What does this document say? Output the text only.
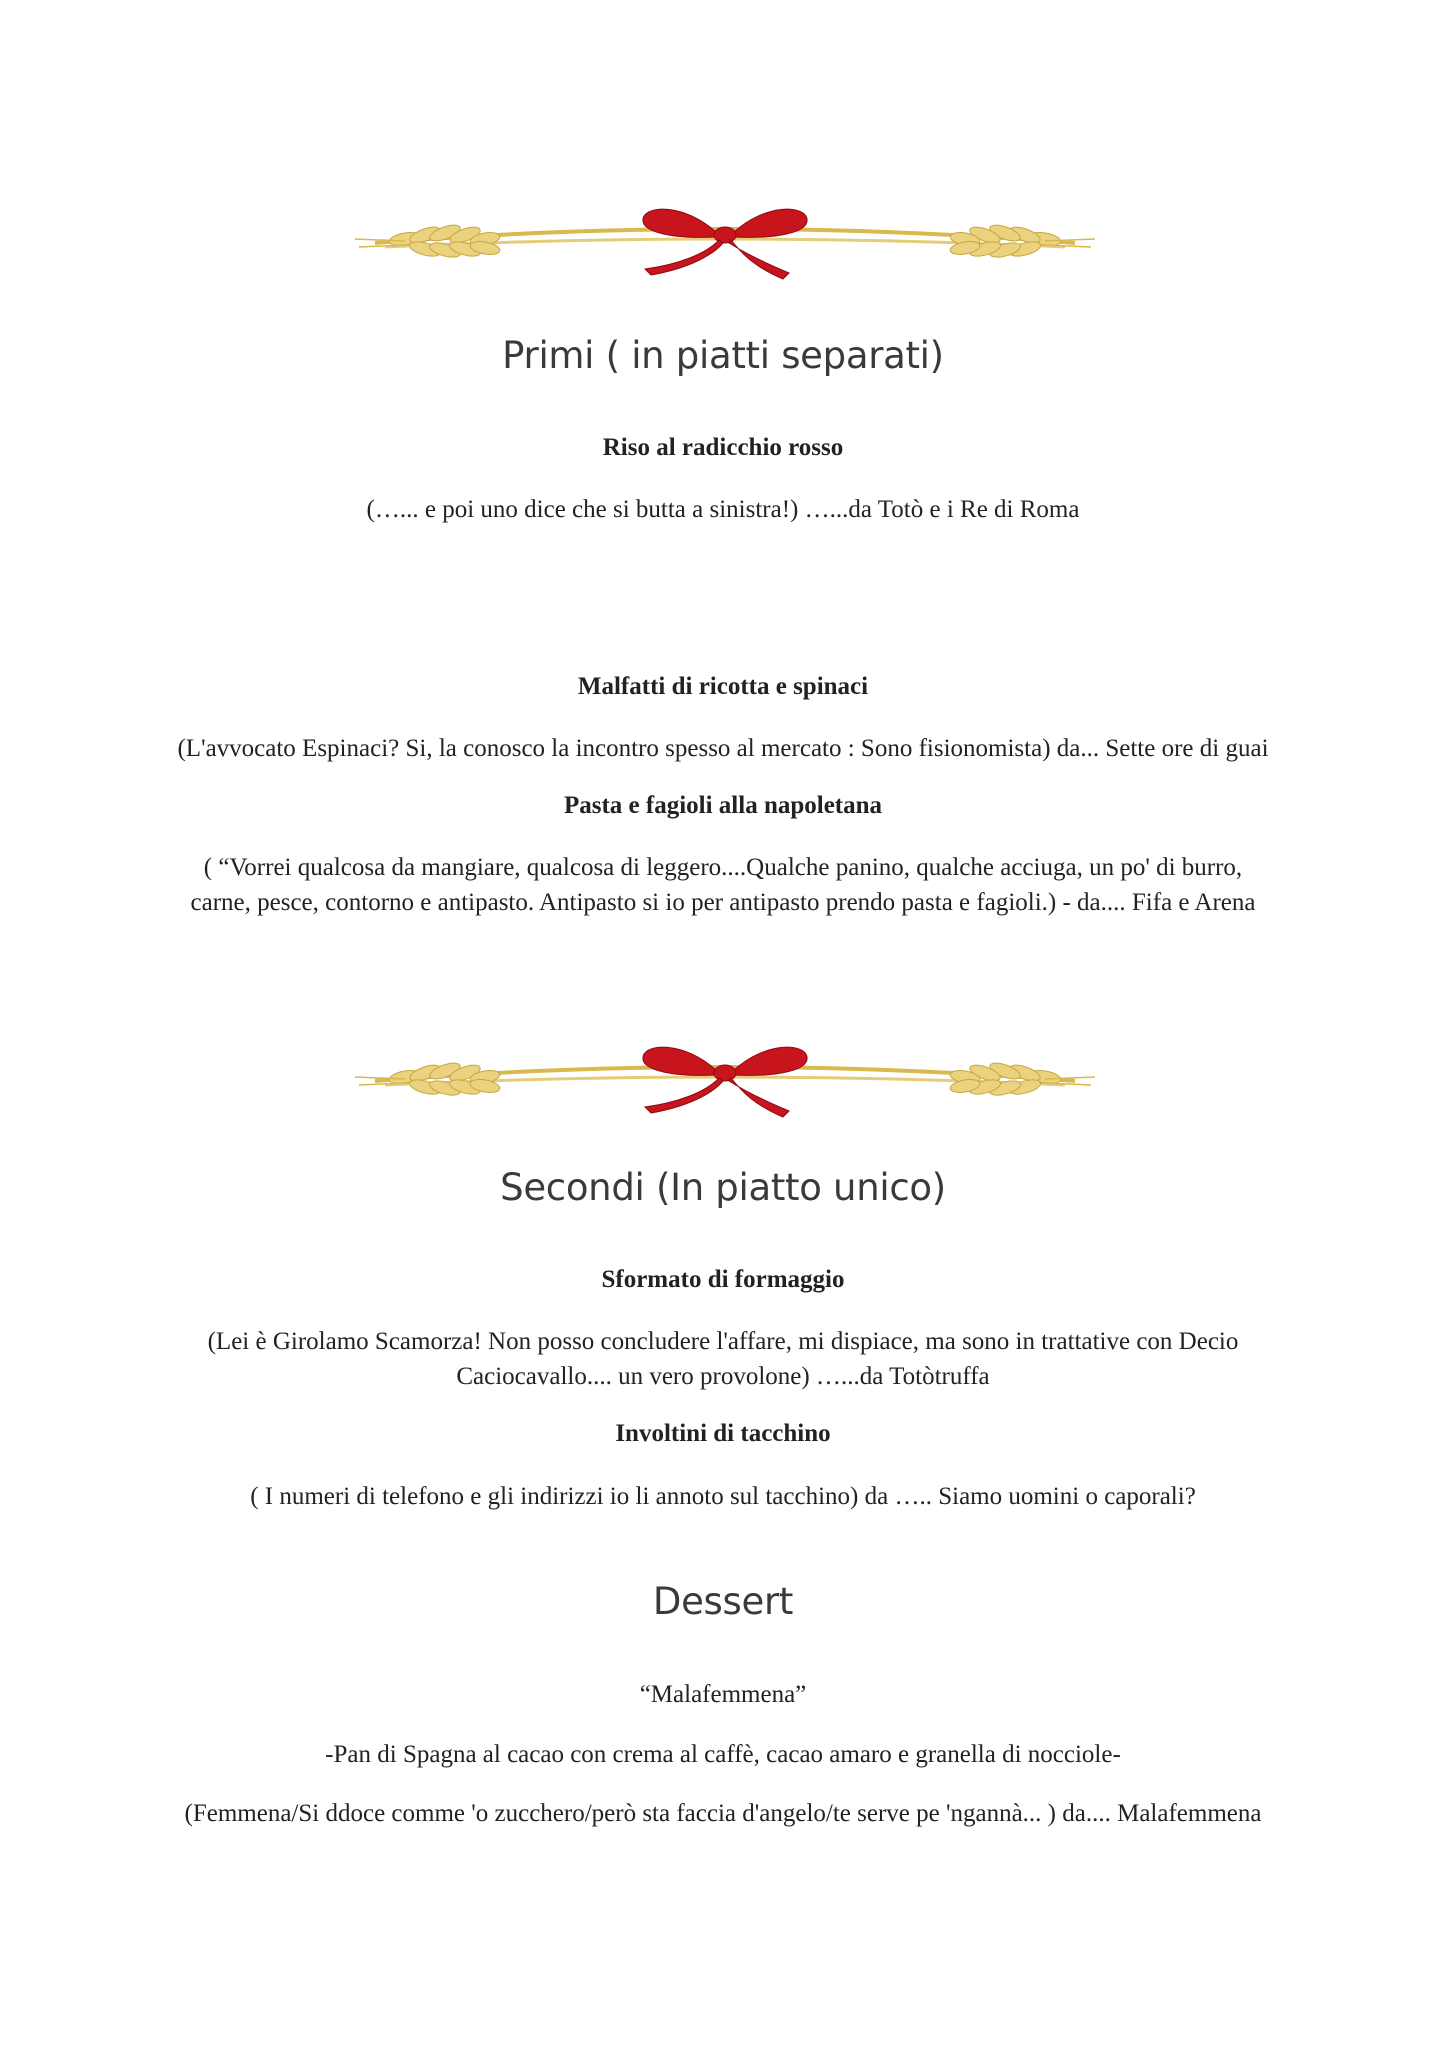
Primi ( in piatti separati)
Riso al radicchio rosso
(…... e poi uno dice che si butta a sinistra!) …...da Totò e i Re di Roma
Malfatti di ricotta e spinaci
(L'avvocato Espinaci? Si, la conosco la incontro spesso al mercato : Sono fisionomista) da... Sette ore di guai
Pasta e fagioli alla napoletana
( “Vorrei qualcosa da mangiare, qualcosa di leggero....Qualche panino, qualche acciuga, un po' di burro,
carne, pesce, contorno e antipasto. Antipasto si io per antipasto prendo pasta e fagioli.) - da.... Fifa e Arena
Secondi (In piatto unico)
Sformato di formaggio
(Lei è Girolamo Scamorza! Non posso concludere l'affare, mi dispiace, ma sono in trattative con Decio
Caciocavallo.... un vero provolone) …...da Totòtruffa
Involtini di tacchino
( I numeri di telefono e gli indirizzi io li annoto sul tacchino) da ….. Siamo uomini o caporali?
Dessert
“Malafemmena”
-Pan di Spagna al cacao con crema al caffè, cacao amaro e granella di nocciole-
(Femmena/Si ddoce comme 'o zucchero/però sta faccia d'angelo/te serve pe 'ngannà... ) da.... Malafemmena
